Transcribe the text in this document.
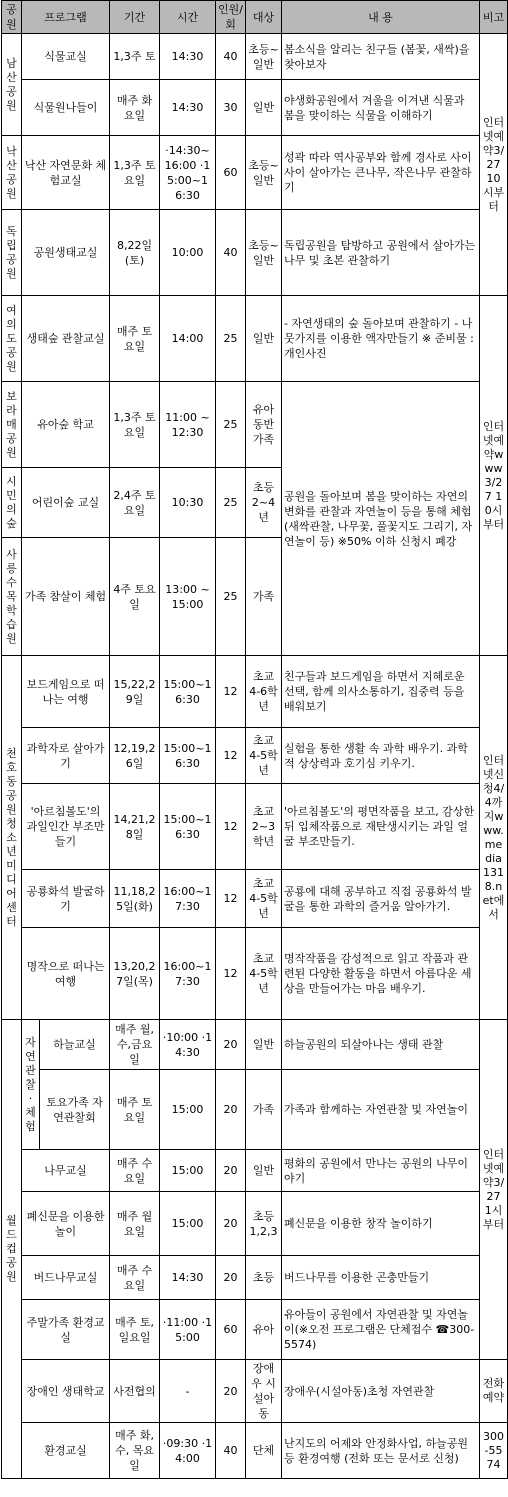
공원	프로그램		기간	시간	인원/회	대상	내 용	비고
남산공원	식물교실		1,3주 토	14:30	40	초등~일반	봄소식을 알리는 친구들 (봄꽃, 새싹)을 찾아보자	인터넷예약3/27 10시부터
	식물원나들이		매주 화요일	14:30	30	일반	야생화공원에서 겨울을 이겨낸 식물과 봄을 맞이하는 식물을 이해하기	
낙산공원	낙산 자연문화 체험교실		1,3주 토요일	·14:30~16:00 ·15:00~16:30	60	초등~일반	성곽 따라 역사공부와 함께 경사로 사이사이 살아가는 큰나무, 작은나무 관찰하기	
독립공원	공원생태교실		8,22일(토)	10:00	40	초등~일반	독립공원을 탐방하고 공원에서 살아가는 나무 및 초본 관찰하기	
여의도공원	생태숲 관찰교실		매주 토요일	14:00	25	일반	- 자연생태의 숲 돌아보며 관찰하기 - 나뭇가지를 이용한 액자만들기 ※ 준비물 : 개인사진	인터넷예약www 3/27 10시부터
보라매공원	유아숲 학교		1,3주 토요일	11:00 ~12:30	25	유아동반가족	공원을 돌아보며 봄을 맞이하는 자연의 변화를 관찰과 자연놀이 등을 통해 체험(새싹관찰, 나무꽃, 풀꽃지도 그리기, 자연놀이 등) ※50% 이하 신청시 폐강	
시민의숲	어린이숲 교실		2,4주 토요일	10:30	25	초등 2~4년		
사릉수목학습원	가족 참살이 체험		4주 토요일	13:00 ~15:00	25	가족		
천호동공원 청소년미디어센터	보드게임으로 떠나는 여행		15,22,29일	15:00~16:30	12	초교 4-6학년	친구들과 보드게임을 하면서 지혜로운 선택, 함께 의사소통하기, 집중력 등을 배워보기	인터넷신청4/4까지www.media1318.net에서
	과학자로 살아가기		12,19,26일	15:00~16:30	12	초교 4-5학년	실험을 통한 생활 속 과학 배우기. 과학적 상상력과 호기심 키우기.	
	'아르침볼도'의 과일인간 부조만들기		14,21,28일	15:00~16:30	12	초교 2~3학년	'아르침볼도'의 평면작품을 보고, 감상한 뒤 입체작품으로 재탄생시키는 과일 얼굴 부조만들기.	
	공룡화석 발굴하기		11,18,25일(화)	16:00~17:30	12	초교 4-5학년	공룡에 대해 공부하고 직접 공룡화석 발굴을 통한 과학의 즐거움 알아가기.	
	명작으로 떠나는 여행		13,20,27일(목)	16:00~17:30	12	초교 4-5학년	명작작품을 감성적으로 읽고 작품과 관련된 다양한 활동을 하면서 아름다운 세상을 만들어가는 마음 배우기.	
월드컵공원	자연관찰·체험	하늘교실	매주 월,수,금요일	·10:00 ·14:30	20	일반	하늘공원의 되살아나는 생태 관찰	인터넷예약3/27 1시부터
		토요가족 자연관찰회	매주 토요일	15:00	20	가족	가족과 함께하는 자연관찰 및 자연놀이	
	나무교실		매주 수요일	15:00	20	일반	평화의 공원에서 만나는 공원의 나무이야기	
	폐신문을 이용한 놀이		매주 월요일	15:00	20	초등 1,2,3	폐신문을 이용한 창작 놀이하기	
	버드나무교실		매주 수요일	14:30	20	초등	버드나무를 이용한 곤충만들기	
	주말가족 환경교실		매주 토, 일요일	·11:00 ·15:00	60	유아	유아들이 공원에서 자연관찰 및 자연놀이(※오전 프로그램은 단체접수 ☎300-5574)	
	장애인 생태학교		사전협의	-	20	장애우 시설아동	장애우(시설아동)초청 자연관찰	전화예약
	환경교실		매주 화, 수, 목요일	·09:30 ·14:00	40	단체	난지도의 어제와 안정화사업, 하늘공원 등 환경여행 (전화 또는 문서로 신청)	300-5574
